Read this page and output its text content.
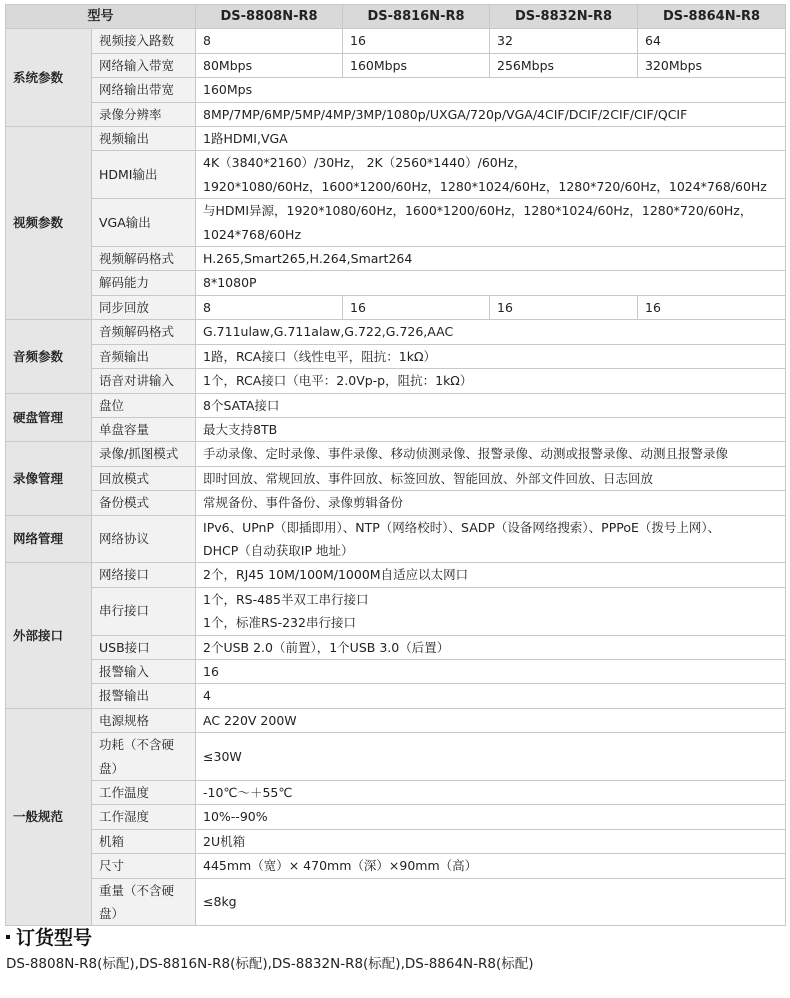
型号		DS-8808N-R8	DS-8816N-R8	DS-8832N-R8	DS-8864N-R8
系统参数	视频接入路数	8	16	32	64
	网络输入带宽	80Mbps	160Mbps	256Mbps	320Mbps
	网络输出带宽	160Mps			
	录像分辨率	8MP/7MP/6MP/5MP/4MP/3MP/1080p/UXGA/720p/VGA/4CIF/DCIF/2CIF/CIF/QCIF			
视频参数	视频输出	1路HDMI,VGA			
	HDMI输出	4K（3840*2160）/30Hz， 2K（2560*1440）/60Hz，
1920*1080/60Hz，1600*1200/60Hz，1280*1024/60Hz，1280*720/60Hz，1024*768/60Hz			

	VGA输出	与HDMI异源，1920*1080/60Hz，1600*1200/60Hz，1280*1024/60Hz，1280*720/60Hz，
1024*768/60Hz			

	视频解码格式	H.265,Smart265,H.264,Smart264			
	解码能力	8*1080P			
	同步回放	8	16	16	16
音频参数	音频解码格式	G.711ulaw,G.711alaw,G.722,G.726,AAC			
	音频输出	1路，RCA接口（线性电平，阻抗：1kΩ）			
	语音对讲输入	1个，RCA接口（电平：2.0Vp-p，阻抗：1kΩ）			
硬盘管理	盘位	8个SATA接口			
	单盘容量	最大支持8TB			
录像管理	录像/抓图模式	手动录像、定时录像、事件录像、移动侦测录像、报警录像、动测或报警录像、动测且报警录像			
	回放模式	即时回放、常规回放、事件回放、标签回放、智能回放、外部文件回放、日志回放			
	备份模式	常规备份、事件备份、录像剪辑备份			
网络管理	网络协议	IPv6、UPnP（即插即用）、NTP（网络校时）、SADP（设备网络搜索）、PPPoE（拨号上网）、
DHCP（自动获取IP 地址）			

外部接口	网络接口	2个，RJ45 10M/100M/1000M自适应以太网口			
	串行接口	1个，RS-485半双工串行接口
1个，标准RS-232串行接口			

	USB接口	2个USB 2.0（前置），1个USB 3.0（后置）			
	报警输入	16			
	报警输出	4			
一般规范	电源规格	AC 220V 200W			

	功耗（不含硬
盘）	≤30W			
	工作温度	-10℃～＋55℃			
	工作湿度	10%--90%			
	机箱	2U机箱			
	尺寸	445mm（宽）× 470mm（深）×90mm（高）			

	重量（不含硬
盘）	≤8kg			
订货型号
DS-8808N-R8(标配),DS-8816N-R8(标配),DS-8832N-R8(标配),DS-8864N-R8(标配)
